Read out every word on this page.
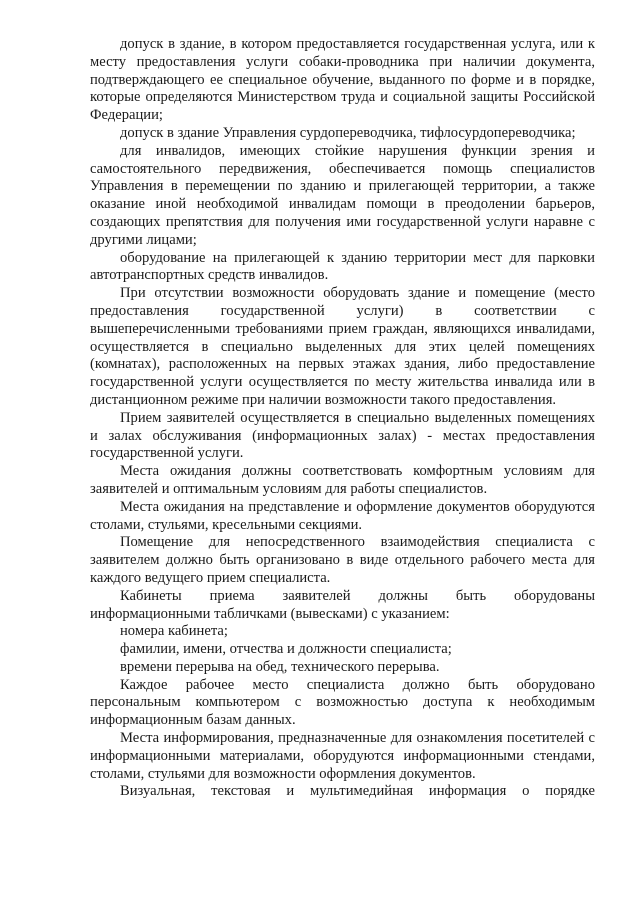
допуск в здание, в котором предоставляется государственная услуга, или к месту предоставления услуги собаки-проводника при наличии документа, подтверждающего ее специальное обучение, выданного по форме и в порядке, которые определяются Министерством труда и социальной защиты Российской Федерации;

допуск в здание Управления сурдопереводчика, тифлосурдопереводчика;

для инвалидов, имеющих стойкие нарушения функции зрения и самостоятельного передвижения, обеспечивается помощь специалистов Управления в перемещении по зданию и прилегающей территории, а также оказание иной необходимой инвалидам помощи в преодолении барьеров, создающих препятствия для получения ими государственной услуги наравне с другими лицами;

оборудование на прилегающей к зданию территории мест для парковки автотранспортных средств инвалидов.

При отсутствии возможности оборудовать здание и помещение (место предоставления государственной услуги) в соответствии с вышеперечисленными требованиями прием граждан, являющихся инвалидами, осуществляется в специально выделенных для этих целей помещениях (комнатах), расположенных на первых этажах здания, либо предоставление государственной услуги осуществляется по месту жительства инвалида или в дистанционном режиме при наличии возможности такого предоставления.

Прием заявителей осуществляется в специально выделенных помещениях и залах обслуживания (информационных залах) - местах предоставления государственной услуги.

Места ожидания должны соответствовать комфортным условиям для заявителей и оптимальным условиям для работы специалистов.

Места ожидания на представление и оформление документов оборудуются столами, стульями, кресельными секциями.

Помещение для непосредственного взаимодействия специалиста с заявителем должно быть организовано в виде отдельного рабочего места для каждого ведущего прием специалиста.

Кабинеты приема заявителей должны быть оборудованы информационными табличками (вывесками) с указанием:

номера кабинета;

фамилии, имени, отчества и должности специалиста;

времени перерыва на обед, технического перерыва.

Каждое рабочее место специалиста должно быть оборудовано персональным компьютером с возможностью доступа к необходимым информационным базам данных.

Места информирования, предназначенные для ознакомления посетителей с информационными материалами, оборудуются информационными стендами, столами, стульями для возможности оформления документов.

Визуальная, текстовая и мультимедийная информация о порядке
